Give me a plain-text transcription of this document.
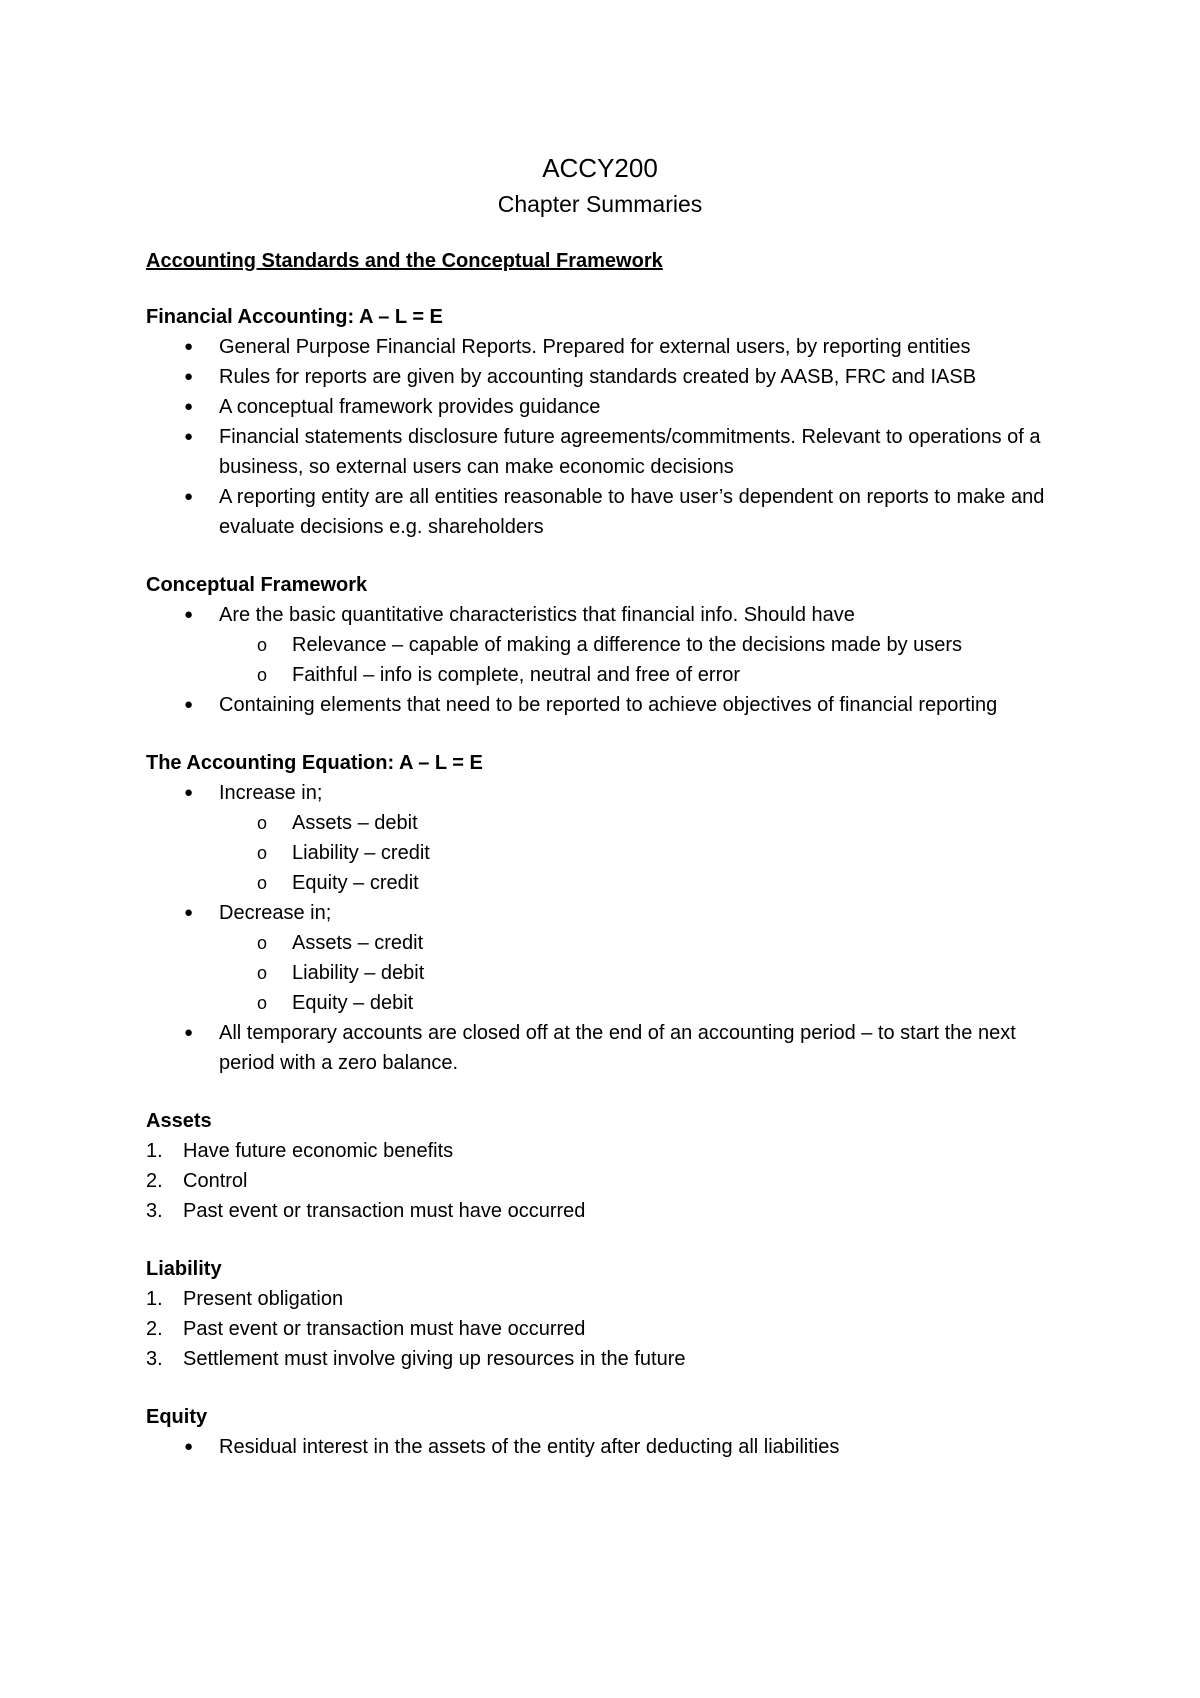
ACCY200
Chapter Summaries
Accounting Standards and the Conceptual Framework
Financial Accounting: A – L = E
● General Purpose Financial Reports. Prepared for external users, by reporting entities
● Rules for reports are given by accounting standards created by AASB, FRC and IASB
● A conceptual framework provides guidance
● Financial statements disclosure future agreements/commitments. Relevant to operations of a business, so external users can make economic decisions
● A reporting entity are all entities reasonable to have user’s dependent on reports to make and evaluate decisions e.g. shareholders
Conceptual Framework
● Are the basic quantitative characteristics that financial info. Should have
o Relevance – capable of making a difference to the decisions made by users
o Faithful – info is complete, neutral and free of error
● Containing elements that need to be reported to achieve objectives of financial reporting
The Accounting Equation: A – L = E
● Increase in;
o Assets – debit
o Liability – credit
o Equity – credit
● Decrease in;
o Assets – credit
o Liability – debit
o Equity – debit
● All temporary accounts are closed off at the end of an accounting period – to start the next period with a zero balance.
Assets
1. Have future economic benefits
2. Control
3. Past event or transaction must have occurred
Liability
1. Present obligation
2. Past event or transaction must have occurred
3. Settlement must involve giving up resources in the future
Equity
● Residual interest in the assets of the entity after deducting all liabilities
